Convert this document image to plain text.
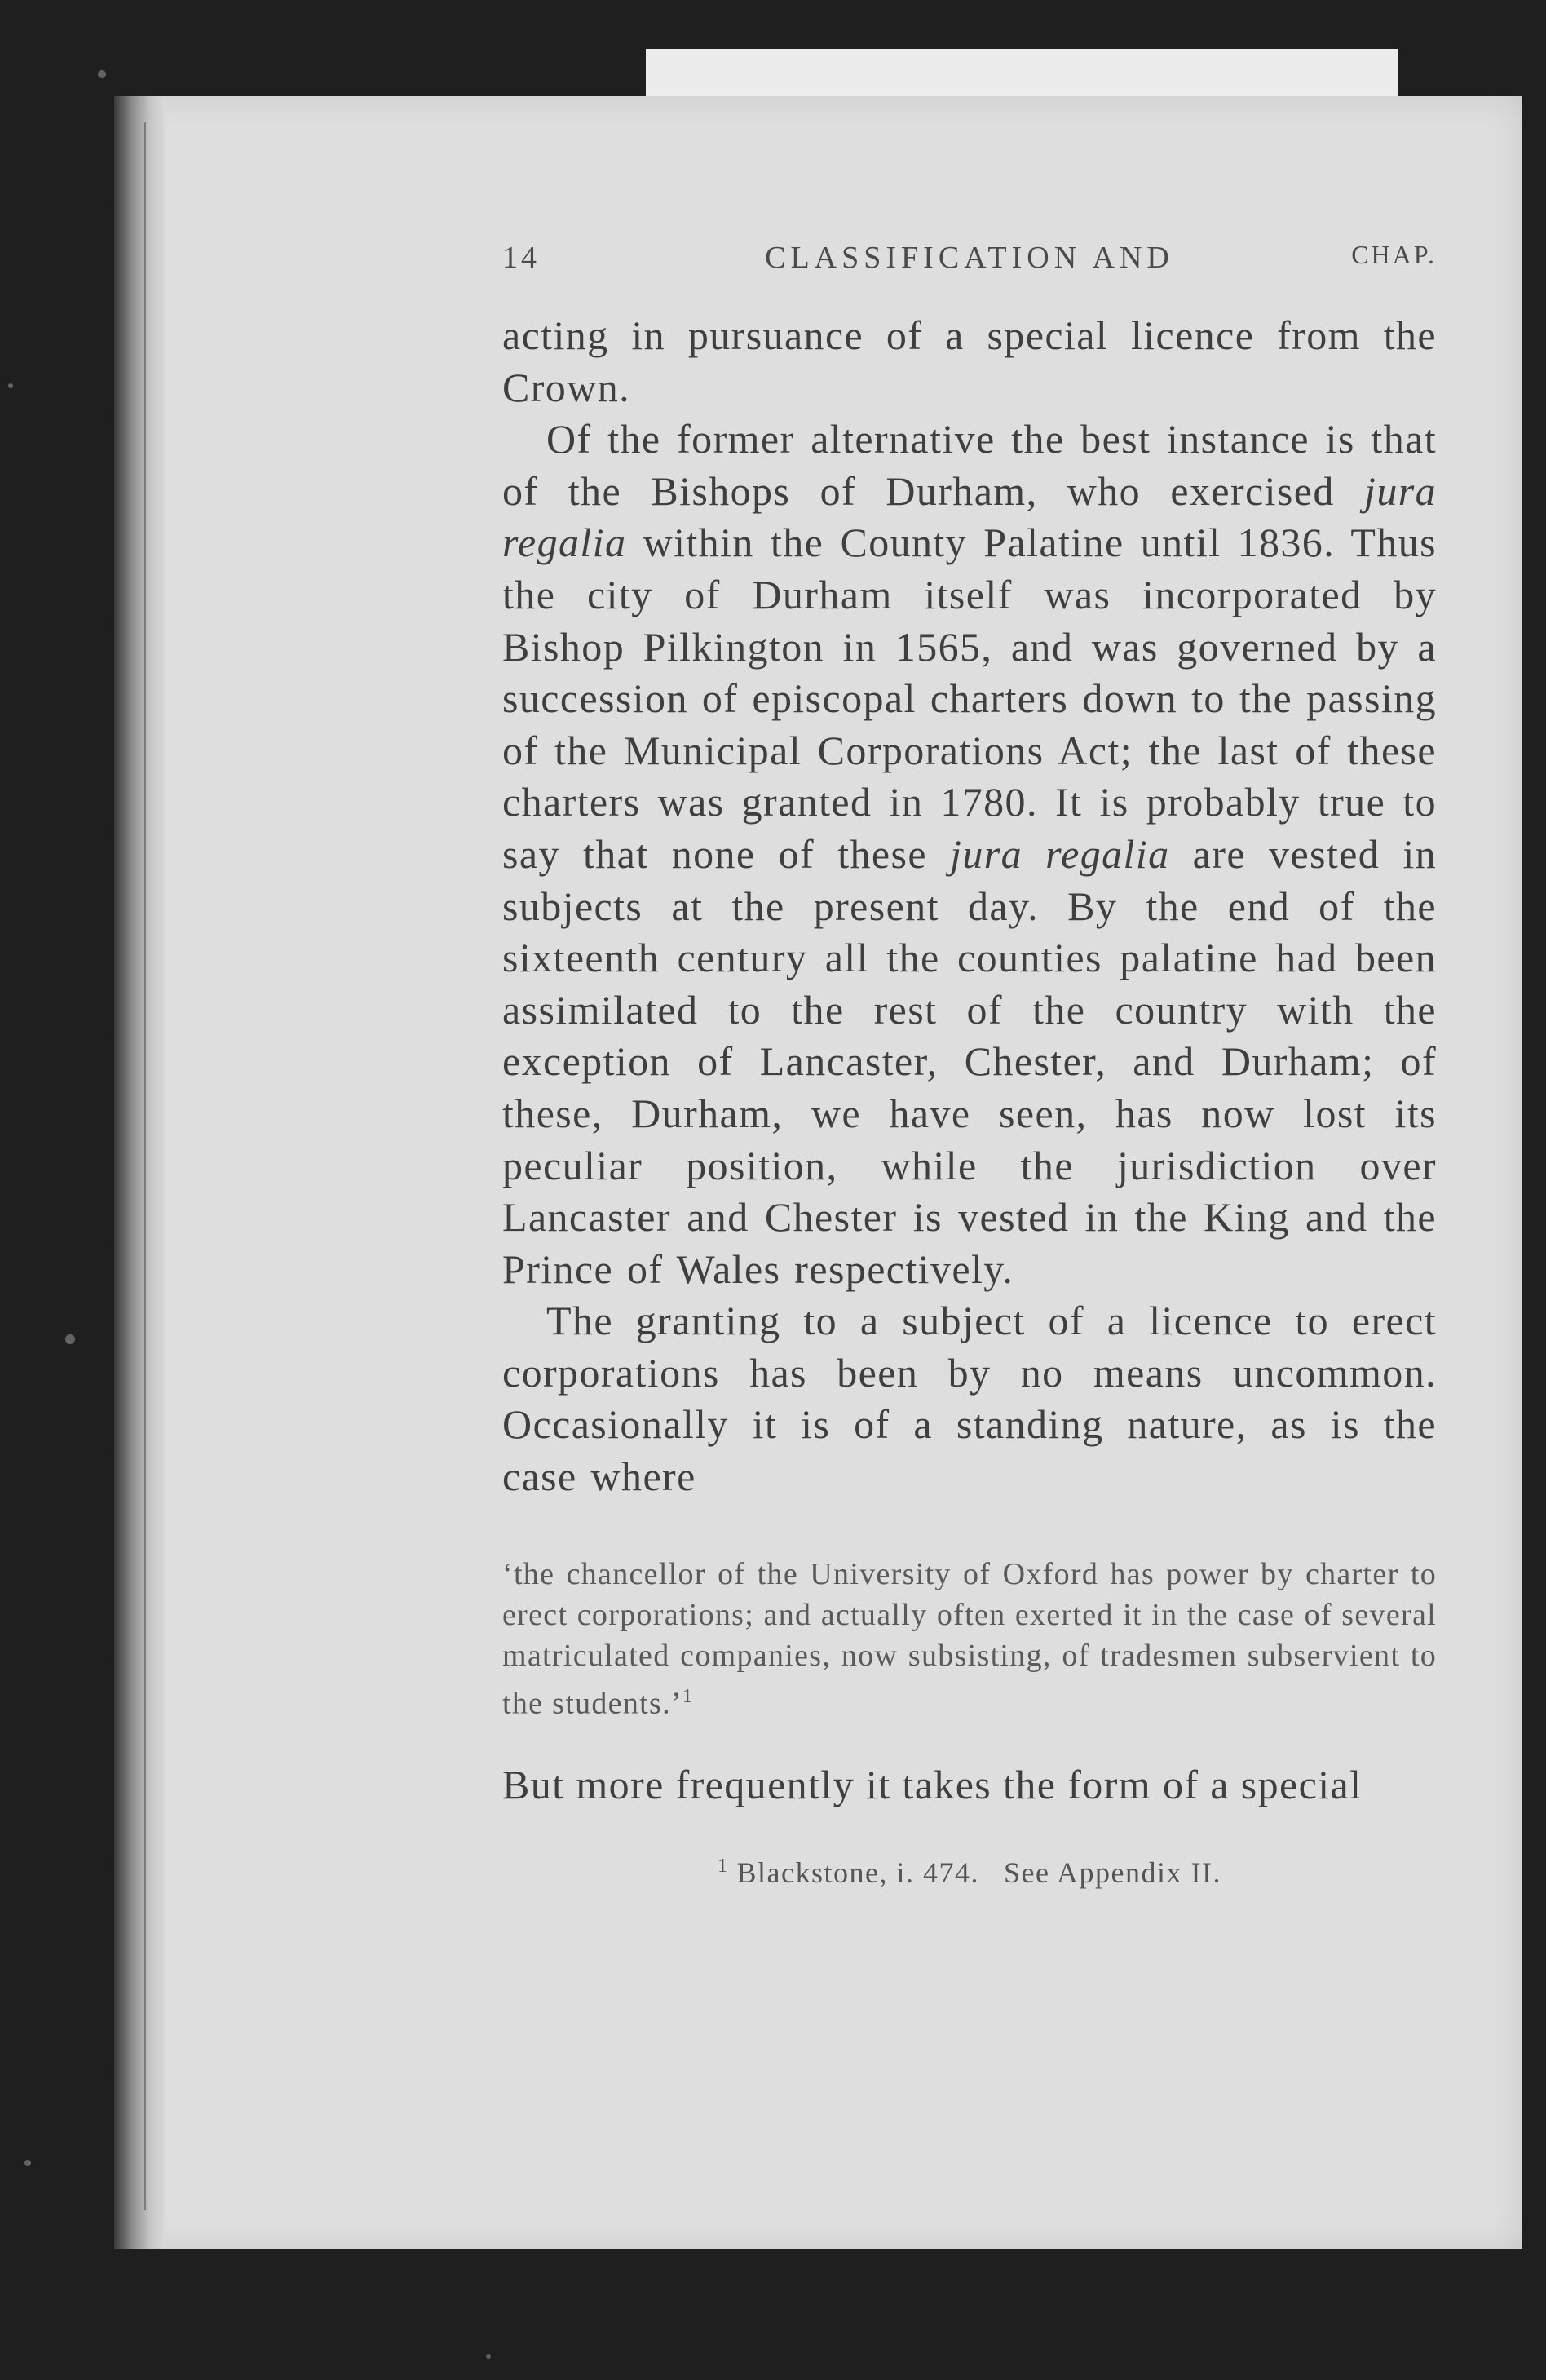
14	CLASSIFICATION AND	CHAP.

acting in pursuance of a special licence from the Crown.

Of the former alternative the best instance is that of the Bishops of Durham, who exercised jura regalia within the County Palatine until 1836. Thus the city of Durham itself was incorporated by Bishop Pilkington in 1565, and was governed by a succession of episcopal charters down to the passing of the Municipal Corporations Act; the last of these charters was granted in 1780. It is probably true to say that none of these jura regalia are vested in subjects at the present day. By the end of the sixteenth century all the counties palatine had been assimilated to the rest of the country with the exception of Lancaster, Chester, and Durham; of these, Durham, we have seen, has now lost its peculiar position, while the jurisdiction over Lancaster and Chester is vested in the King and the Prince of Wales respectively.

The granting to a subject of a licence to erect corporations has been by no means uncommon. Occasionally it is of a standing nature, as is the case where

‘the chancellor of the University of Oxford has power by charter to erect corporations; and actually often exerted it in the case of several matriculated companies, now subsisting, of tradesmen subservient to the students.’$^1$
But more frequently it takes the form of a special
$^1$ Blackstone, i. 474. See Appendix II.
